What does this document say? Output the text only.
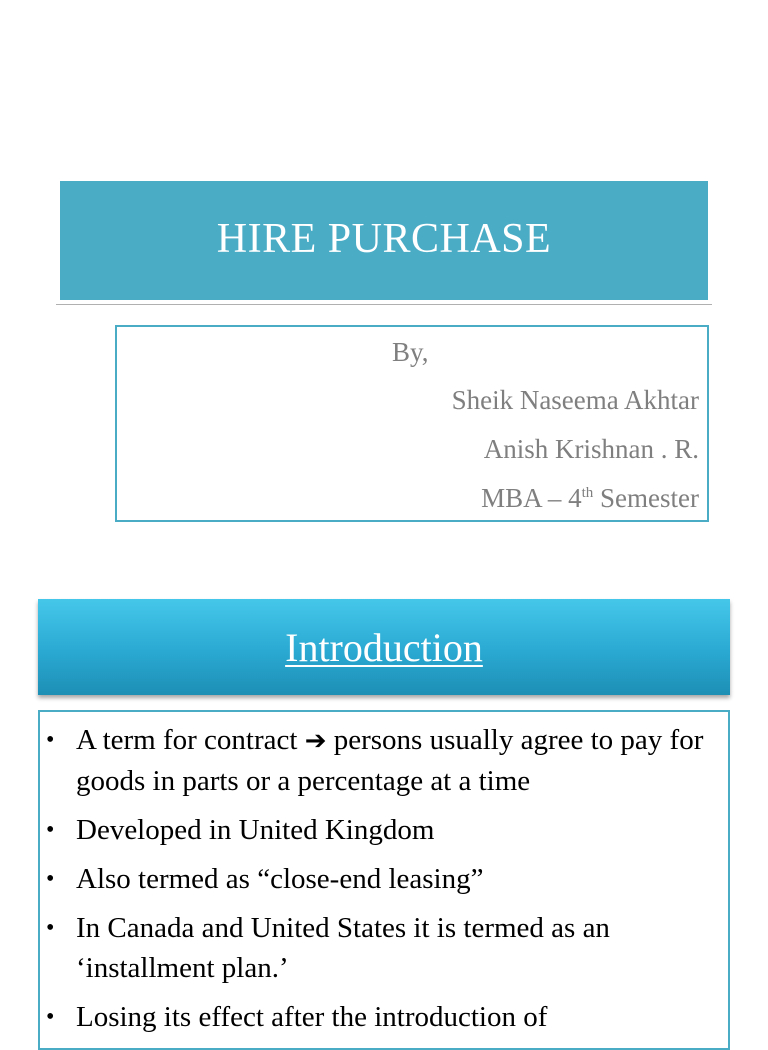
HIRE PURCHASE
By,
Sheik Naseema Akhtar
Anish Krishnan . R.
MBA – 4th Semester
Introduction
• A term for contract ➔ persons usually agree to pay for goods in parts or a percentage at a time
• Developed in United Kingdom
• Also termed as “close-end leasing”
• In Canada and United States it is termed as an ‘installment plan.’
• Losing its effect after the introduction of
